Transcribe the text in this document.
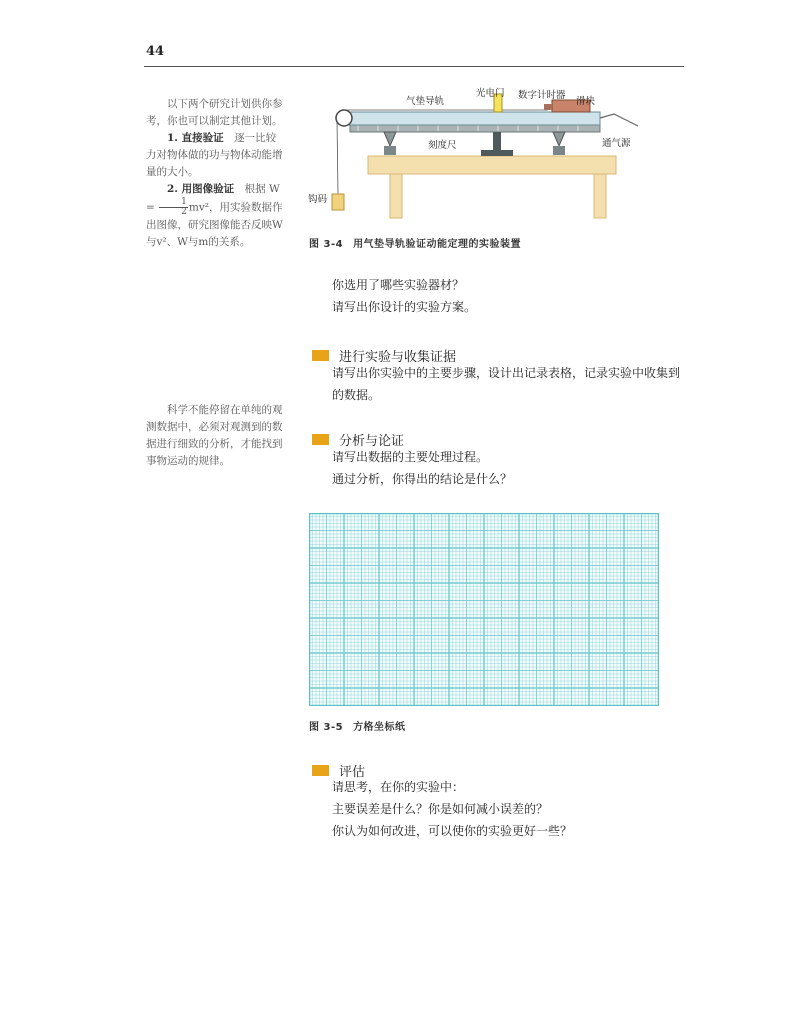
44

以下两个研究计划供你参考，你也可以制定其他计划。

1. 直接验证　 逐一比较力对物体做的功与物体动能增量的大小。

2. 用图像验证　 根据 $W = \frac{1}{2} mv^2$，用实验数据作出图像，研究图像能否反映W与v²、W与m的关系。

科学不能停留在单纯的观测数据中，必须对观测到的数据进行细致的分析，才能找到事物运动的规律。

气垫导轨
光电门 数字计时器
滑块
通气源
刻度尺
钩码
图 3-4 用气垫导轨验证动能定理的实验装置

你选用了哪些实验器材？

请写出你设计的实验方案。

进行实验与收集证据

请写出你实验中的主要步骤，设计出记录表格，记录实验中收集到的数据。

分析与论证

请写出数据的主要处理过程。

通过分析，你得出的结论是什么？

图 3-5 方格坐标纸
评估

请思考，在你的实验中：

主要误差是什么？你是如何减小误差的？

你认为如何改进，可以使你的实验更好一些？
